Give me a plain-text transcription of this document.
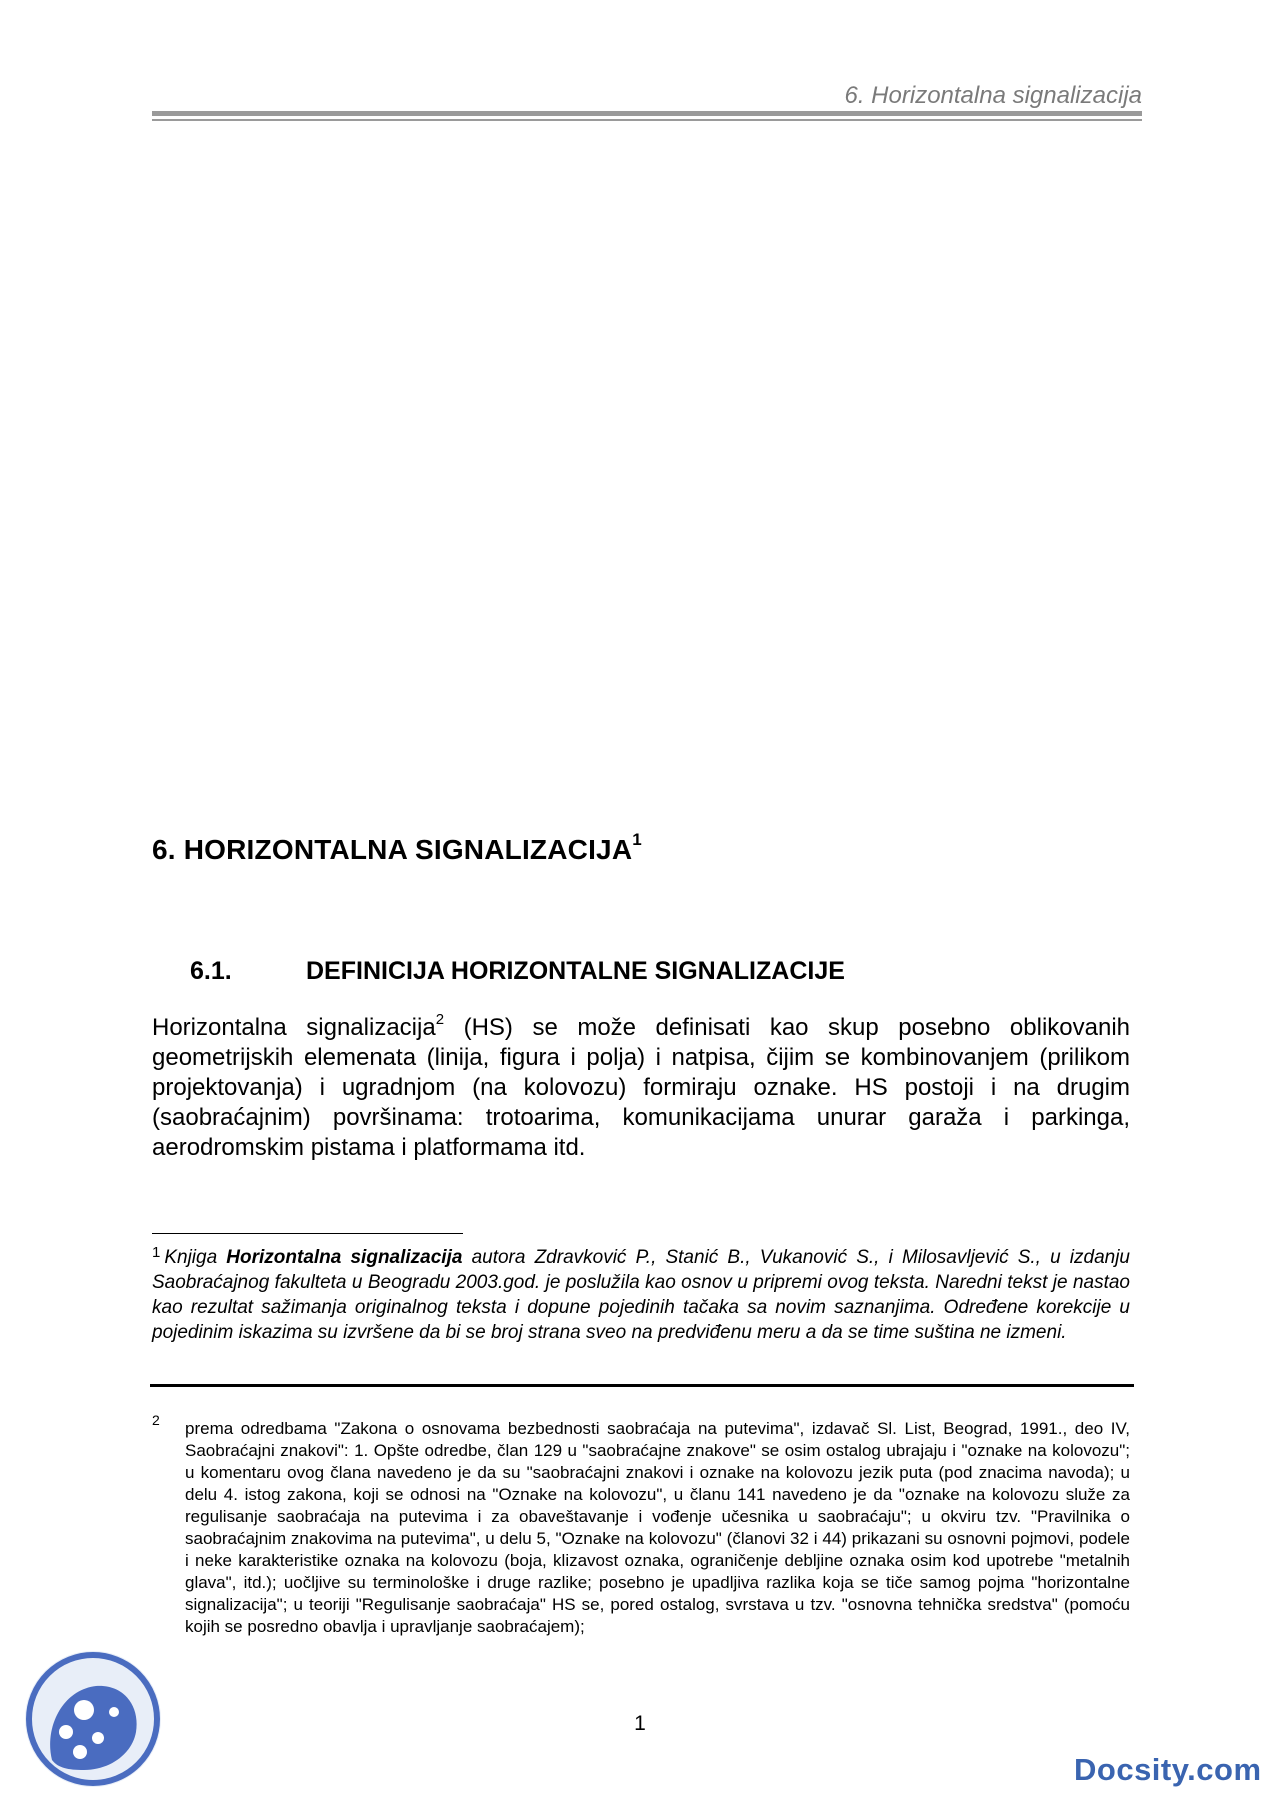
6. Horizontalna signalizacija
6. HORIZONTALNA SIGNALIZACIJA$^1$
6.1.	DEFINICIJA HORIZONTALNE SIGNALIZACIJE

Horizontalna signalizacija$^2$ (HS) se može definisati kao skup posebno oblikovanih geometrijskih elemenata (linija, figura i polja) i natpisa, čijim se kombinovanjem (prilikom projektovanja) i ugradnjom (na kolovozu) formiraju oznake. HS postoji i na drugim (saobraćajnim) površinama: trotoarima, komunikacijama unurar garaža i parkinga, aerodromskim pistama i platformama itd.

$^1$ Knjiga Horizontalna signalizacija autora Zdravković P., Stanić B., Vukanović S., i Milosavljević S., u izdanju Saobraćajnog fakulteta u Beogradu 2003.god. je poslužila kao osnov u pripremi ovog teksta. Naredni tekst je nastao kao rezultat sažimanja originalnog teksta i dopune pojedinih tačaka sa novim saznanjima. Određene korekcije u pojedinim iskazima su izvršene da bi se broj strana sveo na predviđenu meru a da se time suština ne izmeni.

2 prema odredbama "Zakona o osnovama bezbednosti saobraćaja na putevima", izdavač Sl. List, Beograd, 1991., deo IV, Saobraćajni znakovi": 1. Opšte odredbe, član 129 u "saobraćajne znakove" se osim ostalog ubrajaju i "oznake na kolovozu"; u komentaru ovog člana navedeno je da su "saobraćajni znakovi i oznake na kolovozu jezik puta (pod znacima navoda); u delu 4. istog zakona, koji se odnosi na "Oznake na kolovozu", u članu 141 navedeno je da "oznake na kolovozu služe za regulisanje saobraćaja na putevima i za obaveštavanje i vođenje učesnika u saobraćaju"; u okviru tzv. "Pravilnika o saobraćajnim znakovima na putevima", u delu 5, "Oznake na kolovozu" (članovi 32 i 44) prikazani su osnovni pojmovi, podele i neke karakteristike oznaka na kolovozu (boja, klizavost oznaka, ograničenje debljine oznaka osim kod upotrebe "metalnih glava", itd.); uočljive su terminološke i druge razlike; posebno je upadljiva razlika koja se tiče samog pojma "horizontalne signalizacija"; u teoriji "Regulisanje saobraćaja" HS se, pored ostalog, svrstava u tzv. "osnovna tehnička sredstva" (pomoću kojih se posredno obavlja i upravljanje saobraćajem);

1
Docsity.com
